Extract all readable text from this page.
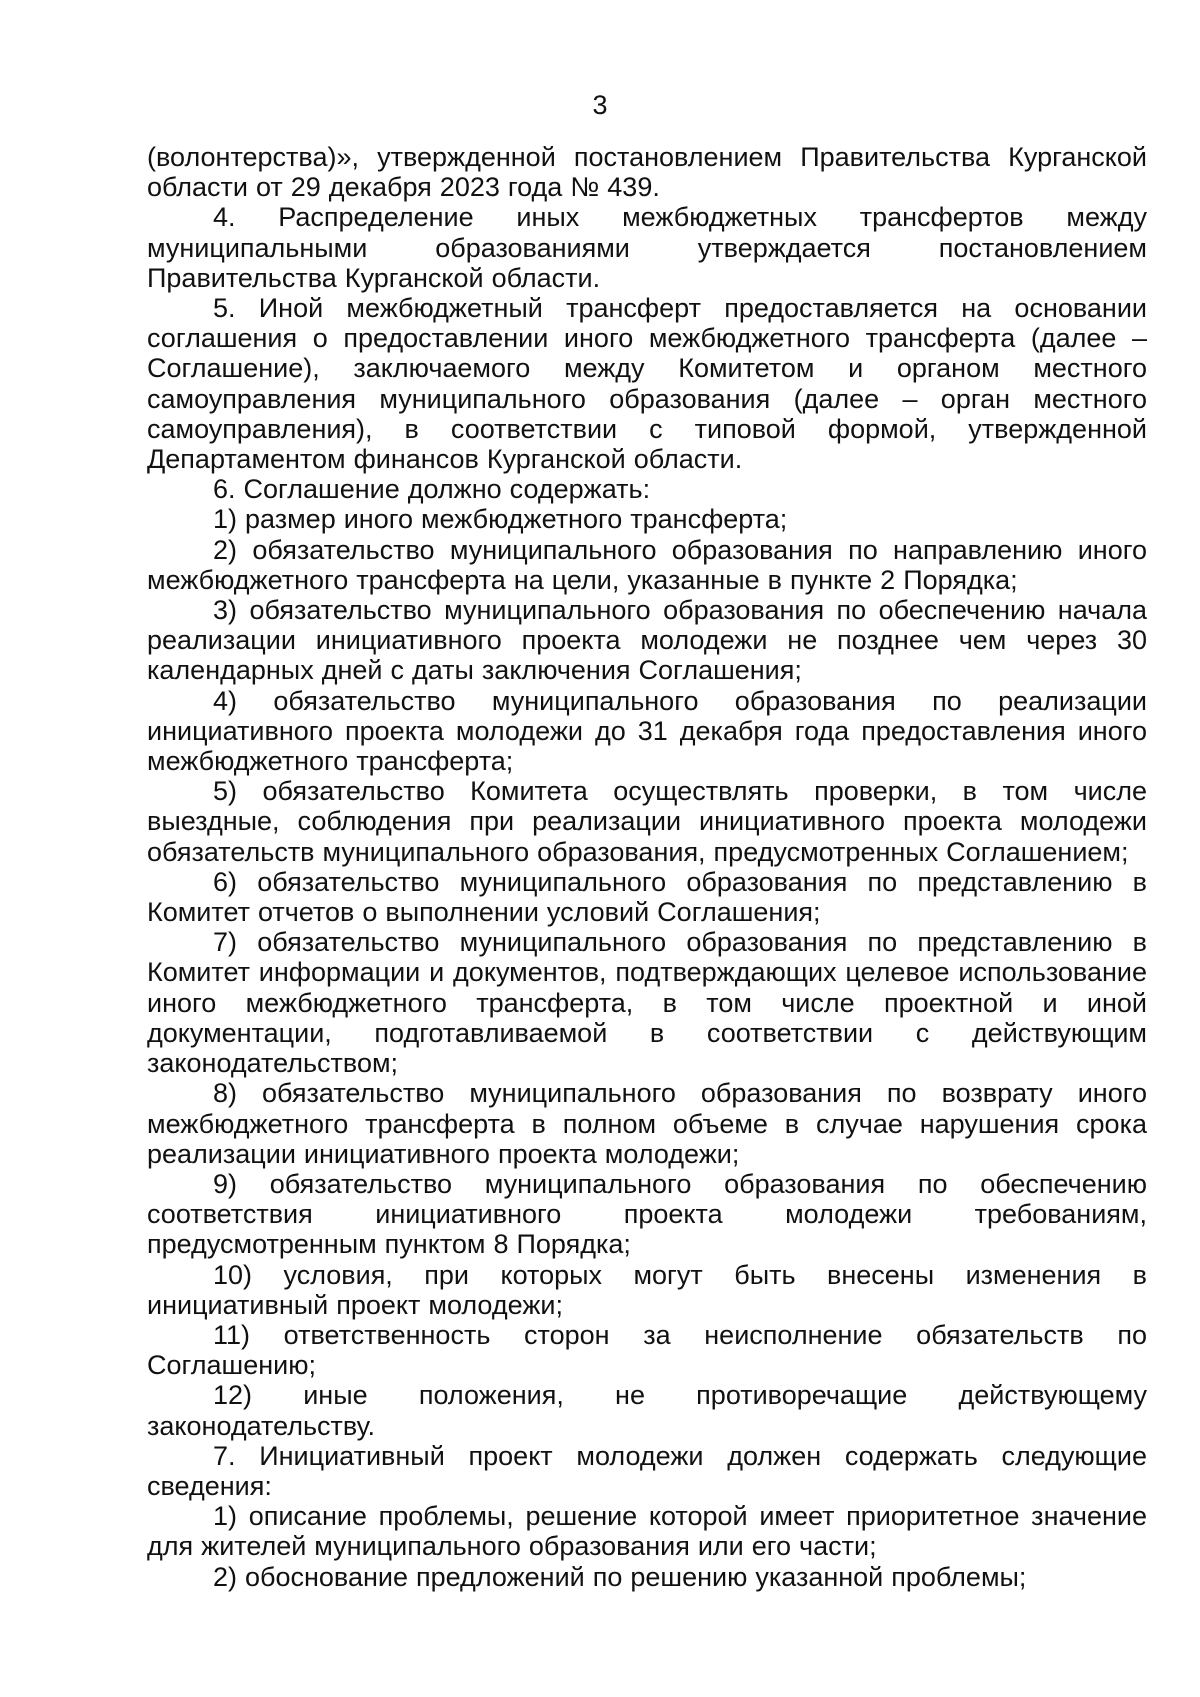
3

(волонтерства)», утвержденной постановлением Правительства Курганской области от 29 декабря 2023 года № 439.

4. Распределение иных межбюджетных трансфертов между муниципальными образованиями утверждается постановлением Правительства Курганской области.

5. Иной межбюджетный трансферт предоставляется на основании соглашения о предоставлении иного межбюджетного трансферта (далее – Соглашение), заключаемого между Комитетом и органом местного самоуправления муниципального образования (далее – орган местного самоуправления), в соответствии с типовой формой, утвержденной Департаментом финансов Курганской области.

6. Соглашение должно содержать:

1) размер иного межбюджетного трансферта;

2) обязательство муниципального образования по направлению иного межбюджетного трансферта на цели, указанные в пункте 2 Порядка;

3) обязательство муниципального образования по обеспечению начала реализации инициативного проекта молодежи не позднее чем через 30 календарных дней с даты заключения Соглашения;

4) обязательство муниципального образования по реализации инициативного проекта молодежи до 31 декабря года предоставления иного межбюджетного трансферта;

5) обязательство Комитета осуществлять проверки, в том числе выездные, соблюдения при реализации инициативного проекта молодежи обязательств муниципального образования, предусмотренных Соглашением;

6) обязательство муниципального образования по представлению в Комитет отчетов о выполнении условий Соглашения;

7) обязательство муниципального образования по представлению в Комитет информации и документов, подтверждающих целевое использование иного межбюджетного трансферта, в том числе проектной и иной документации, подготавливаемой в соответствии с действующим законодательством;

8) обязательство муниципального образования по возврату иного межбюджетного трансферта в полном объеме в случае нарушения срока реализации инициативного проекта молодежи;

9) обязательство муниципального образования по обеспечению соответствия инициативного проекта молодежи требованиям, предусмотренным пунктом 8 Порядка;

10) условия, при которых могут быть внесены изменения в инициативный проект молодежи;

11) ответственность сторон за неисполнение обязательств по Соглашению;

12) иные положения, не противоречащие действующему законодательству.

7. Инициативный проект молодежи должен содержать следующие сведения:

1) описание проблемы, решение которой имеет приоритетное значение для жителей муниципального образования или его части;

2) обоснование предложений по решению указанной проблемы;
